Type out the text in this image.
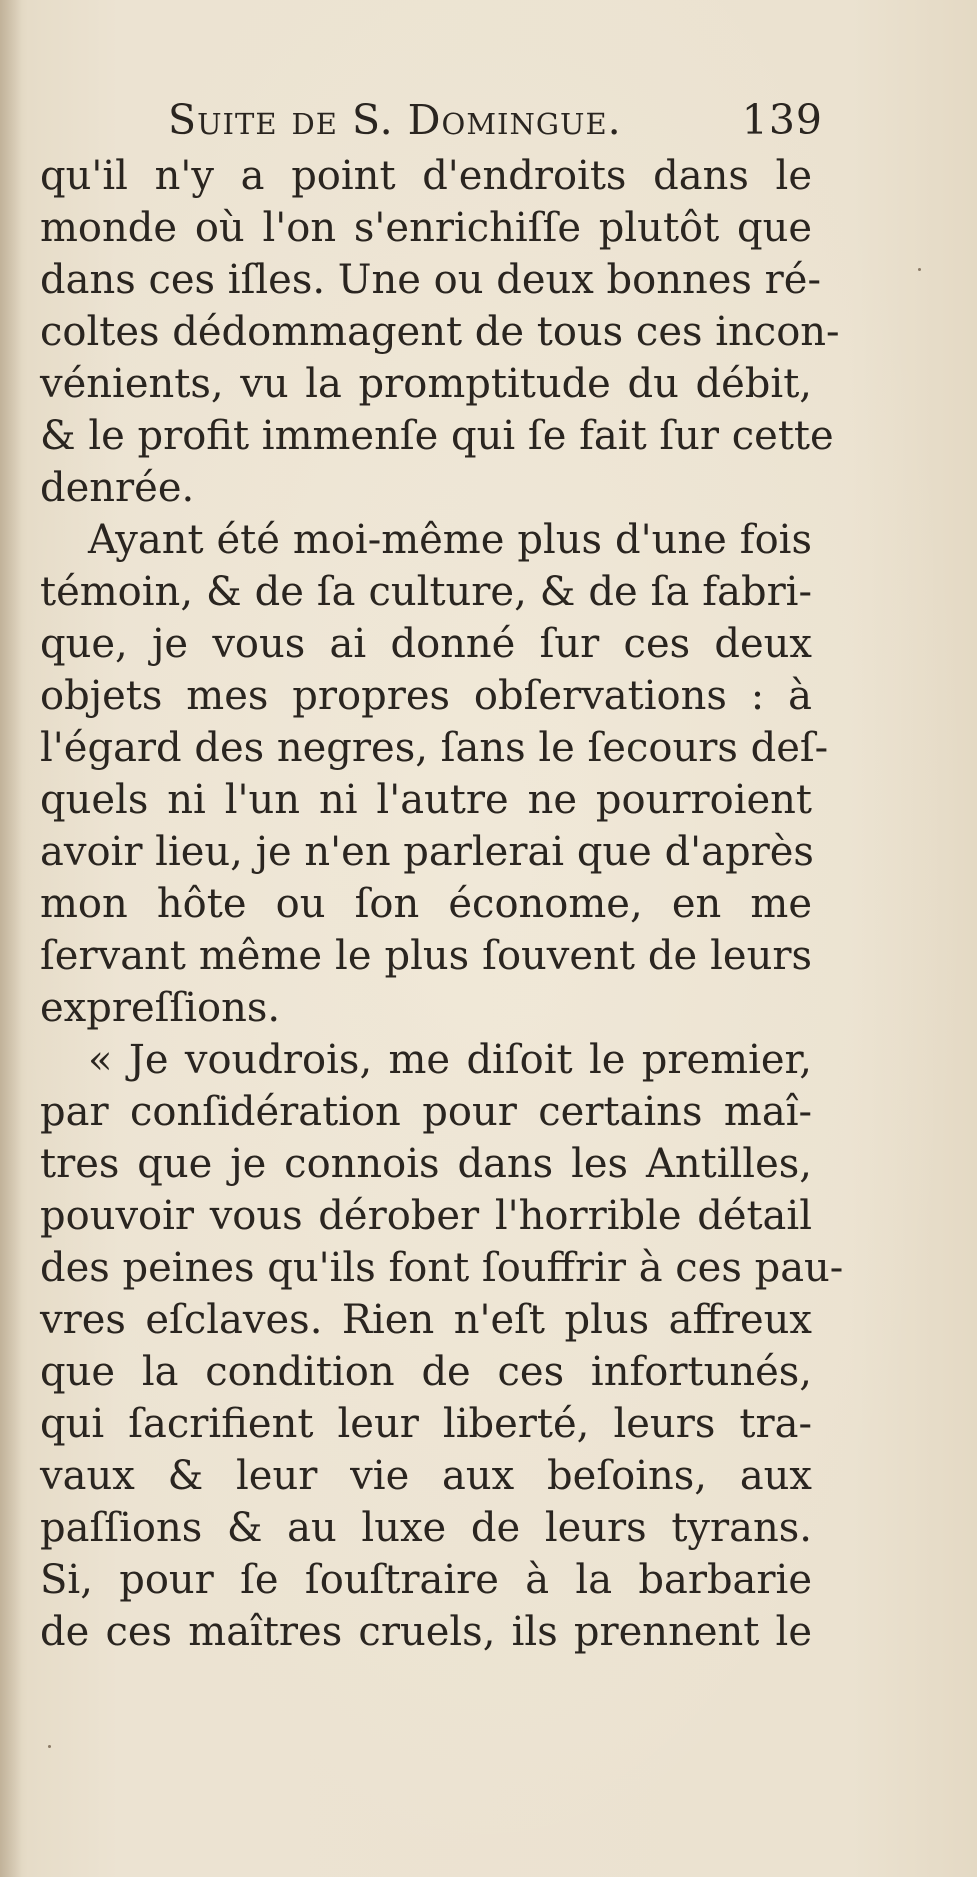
Suite de S. Domingue.	139
qu'il n'y a point d'endroits dans le
monde où l'on s'enrichiſſe plutôt que
dans ces iſles. Une ou deux bonnes ré-
coltes dédommagent de tous ces incon-
vénients, vu la promptitude du débit,
& le profit immenſe qui ſe fait ſur cette
denrée.
Ayant été moi-même plus d'une fois
témoin, & de ſa culture, & de ſa fabri-
que, je vous ai donné ſur ces deux
objets mes propres obſervations : à
l'égard des negres, ſans le ſecours deſ-
quels ni l'un ni l'autre ne pourroient
avoir lieu, je n'en parlerai que d'après
mon hôte ou ſon économe, en me
ſervant même le plus ſouvent de leurs
expreſſions.
« Je voudrois, me diſoit le premier,
par conſidération pour certains maî-
tres que je connois dans les Antilles,
pouvoir vous dérober l'horrible détail
des peines qu'ils font ſouffrir à ces pau-
vres eſclaves. Rien n'eſt plus affreux
que la condition de ces infortunés,
qui ſacrifient leur liberté, leurs tra-
vaux & leur vie aux beſoins, aux
paſſions & au luxe de leurs tyrans.
Si, pour ſe ſouſtraire à la barbarie
de ces maîtres cruels, ils prennent le
